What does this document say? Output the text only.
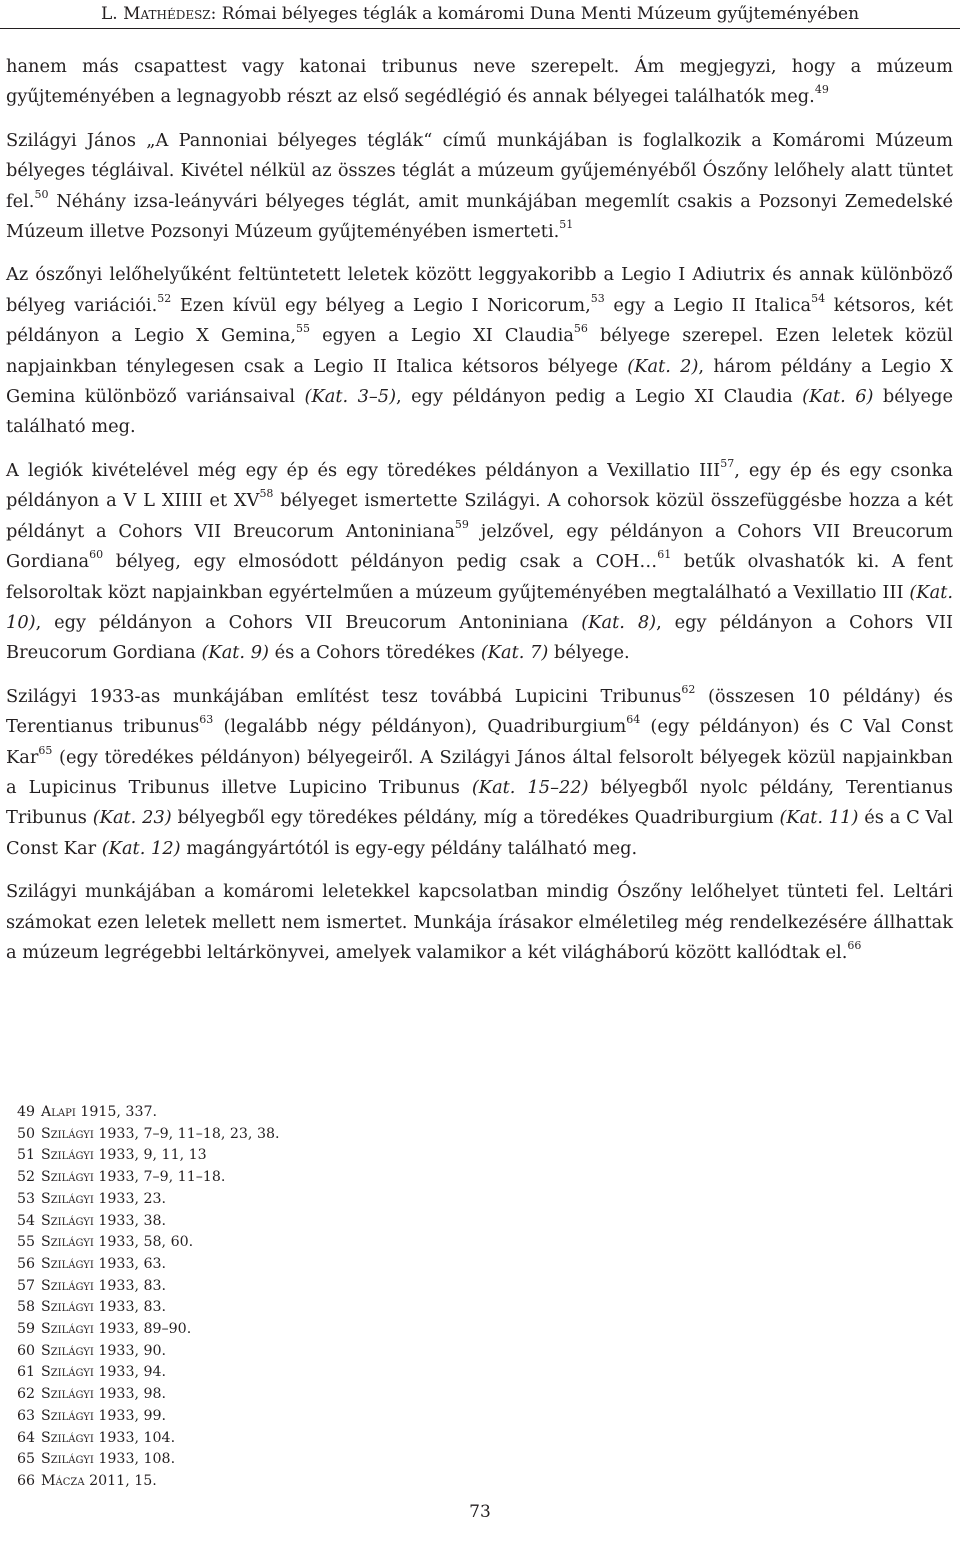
L. Mathédesz: Római bélyeges téglák a komáromi Duna Menti Múzeum gyűjteményében

hanem más csapattest vagy katonai tribunus neve szerepelt. Ám megjegyzi, hogy a múzeum gyűjteményében a legnagyobb részt az első segédlégió és annak bélyegei találhatók meg.$^{49}$

Szilágyi János „A Pannoniai bélyeges téglák“ című munkájában is foglalkozik a Komáromi Múzeum bélyeges tégláival. Kivétel nélkül az összes téglát a múzeum gyűjeményéből Ószőny lelőhely alatt tüntet fel.$^{50}$ Néhány izsa-leányvári bélyeges téglát, amit munkájában megemlít csakis a Pozsonyi Zemedelské Múzeum illetve Pozsonyi Múzeum gyűjteményében ismerteti.$^{51}$

Az ószőnyi lelőhelyűként feltüntetett leletek között leggyakoribb a Legio I Adiutrix és annak különböző bélyeg variációi.$^{52}$ Ezen kívül egy bélyeg a Legio I Noricorum,$^{53}$ egy a Legio II Italica$^{54}$ kétsoros, két példányon a Legio X Gemina,$^{55}$ egyen a Legio XI Claudia$^{56}$ bélyege szerepel. Ezen leletek közül napjainkban ténylegesen csak a Legio II Italica kétsoros bélyege (Kat. 2), három példány a Legio X Gemina különböző variánsaival (Kat. 3–5), egy példányon pedig a Legio XI Claudia (Kat. 6) bélyege található meg.

A legiók kivételével még egy ép és egy töredékes példányon a Vexillatio III$^{57}$, egy ép és egy csonka példányon a V L XIIII et XV$^{58}$ bélyeget ismertette Szilágyi. A cohorsok közül összefüggésbe hozza a két példányt a Cohors VII Breucorum Antoniniana$^{59}$ jelzővel, egy példányon a Cohors VII Breucorum Gordiana$^{60}$ bélyeg, egy elmosódott példányon pedig csak a COH…$^{61}$ betűk olvashatók ki. A fent felsoroltak közt napjainkban egyértelműen a múzeum gyűjteményében megtalálható a Vexillatio III (Kat. 10), egy példányon a Cohors VII Breucorum Antoniniana (Kat. 8), egy példányon a Cohors VII Breucorum Gordiana (Kat. 9) és a Cohors töredékes (Kat. 7) bélyege.

Szilágyi 1933-as munkájában említést tesz továbbá Lupicini Tribunus$^{62}$ (összesen 10 példány) és Terentianus tribunus$^{63}$ (legalább négy példányon), Quadriburgium$^{64}$ (egy példányon) és C Val Const Kar$^{65}$ (egy töredékes példányon) bélyegeiről. A Szilágyi János által felsorolt bélyegek közül napjainkban a Lupicinus Tribunus illetve Lupicino Tribunus (Kat. 15–22) bélyegből nyolc példány, Terentianus Tribunus (Kat. 23) bélyegből egy töredékes példány, míg a töredékes Quadriburgium (Kat. 11) és a C Val Const Kar (Kat. 12) magángyártótól is egy-egy példány található meg.

Szilágyi munkájában a komáromi leletekkel kapcsolatban mindig Ószőny lelőhelyet tünteti fel. Leltári számokat ezen leletek mellett nem ismertet. Munkája írásakor elméletileg még rendelkezésére állhattak a múzeum legrégebbi leltárkönyvei, amelyek valamikor a két világháború között kallódtak el.$^{66}$

49 Alapi 1915, 337.
50 Szilágyi 1933, 7–9, 11–18, 23, 38.
51 Szilágyi 1933, 9, 11, 13
52 Szilágyi 1933, 7–9, 11–18.
53 Szilágyi 1933, 23.
54 Szilágyi 1933, 38.
55 Szilágyi 1933, 58, 60.
56 Szilágyi 1933, 63.
57 Szilágyi 1933, 83.
58 Szilágyi 1933, 83.
59 Szilágyi 1933, 89–90.
60 Szilágyi 1933, 90.
61 Szilágyi 1933, 94.
62 Szilágyi 1933, 98.
63 Szilágyi 1933, 99.
64 Szilágyi 1933, 104.
65 Szilágyi 1933, 108.
66 Mácza 2011, 15.
73
